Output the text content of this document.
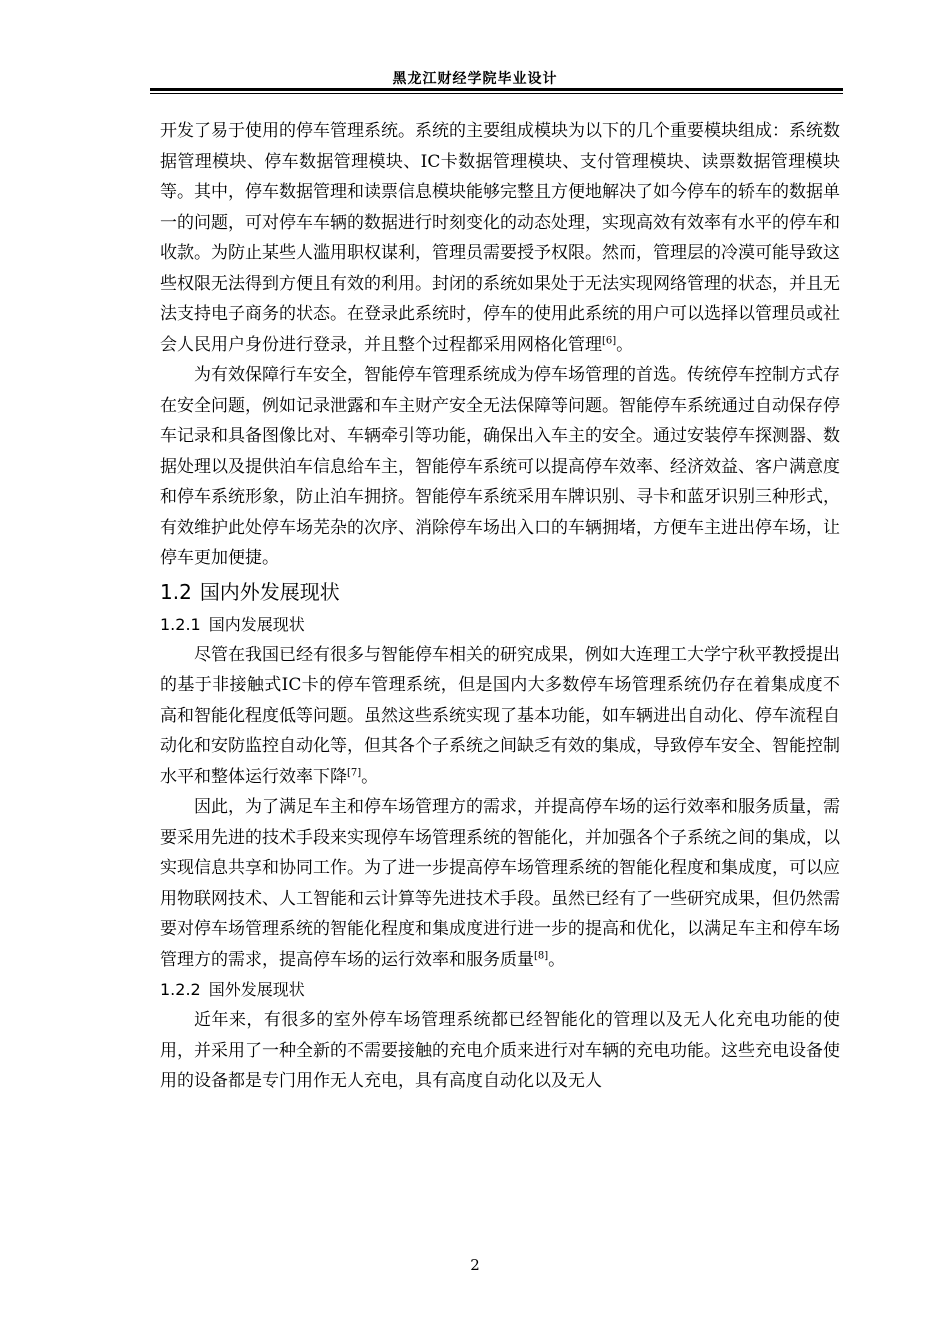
黑龙江财经学院毕业设计

开发了易于使用的停车管理系统。系统的主要组成模块为以下的几个重要模块组成：系统数据管理模块、停车数据管理模块、IC卡数据管理模块、支付管理模块、读票数据管理模块等。其中，停车数据管理和读票信息模块能够完整且方便地解决了如今停车的轿车的数据单一的问题，可对停车车辆的数据进行时刻变化的动态处理，实现高效有效率有水平的停车和收款。为防止某些人滥用职权谋利，管理员需要授予权限。然而，管理层的冷漠可能导致这些权限无法得到方便且有效的利用。封闭的系统如果处于无法实现网络管理的状态，并且无法支持电子商务的状态。在登录此系统时，停车的使用此系统的用户可以选择以管理员或社会人民用户身份进行登录，并且整个过程都采用网格化管理[6]。

为有效保障行车安全，智能停车管理系统成为停车场管理的首选。传统停车控制方式存在安全问题，例如记录泄露和车主财产安全无法保障等问题。智能停车系统通过自动保存停车记录和具备图像比对、车辆牵引等功能，确保出入车主的安全。通过安装停车探测器、数据处理以及提供泊车信息给车主，智能停车系统可以提高停车效率、经济效益、客户满意度和停车系统形象，防止泊车拥挤。智能停车系统采用车牌识别、寻卡和蓝牙识别三种形式，有效维护此处停车场芜杂的次序、消除停车场出入口的车辆拥堵，方便车主进出停车场，让停车更加便捷。

1.2 国内外发展现状
1.2.1 国内发展现状

尽管在我国已经有很多与智能停车相关的研究成果，例如大连理工大学宁秋平教授提出的基于非接触式IC卡的停车管理系统，但是国内大多数停车场管理系统仍存在着集成度不高和智能化程度低等问题。虽然这些系统实现了基本功能，如车辆进出自动化、停车流程自动化和安防监控自动化等，但其各个子系统之间缺乏有效的集成，导致停车安全、智能控制水平和整体运行效率下降[7]。

因此，为了满足车主和停车场管理方的需求，并提高停车场的运行效率和服务质量，需要采用先进的技术手段来实现停车场管理系统的智能化，并加强各个子系统之间的集成，以实现信息共享和协同工作。为了进一步提高停车场管理系统的智能化程度和集成度，可以应用物联网技术、人工智能和云计算等先进技术手段。虽然已经有了一些研究成果，但仍然需要对停车场管理系统的智能化程度和集成度进行进一步的提高和优化，以满足车主和停车场管理方的需求，提高停车场的运行效率和服务质量[8]。

1.2.2 国外发展现状

近年来，有很多的室外停车场管理系统都已经智能化的管理以及无人化充电功能的使用，并采用了一种全新的不需要接触的充电介质来进行对车辆的充电功能。这些充电设备使用的设备都是专门用作无人充电，具有高度自动化以及无人

2
